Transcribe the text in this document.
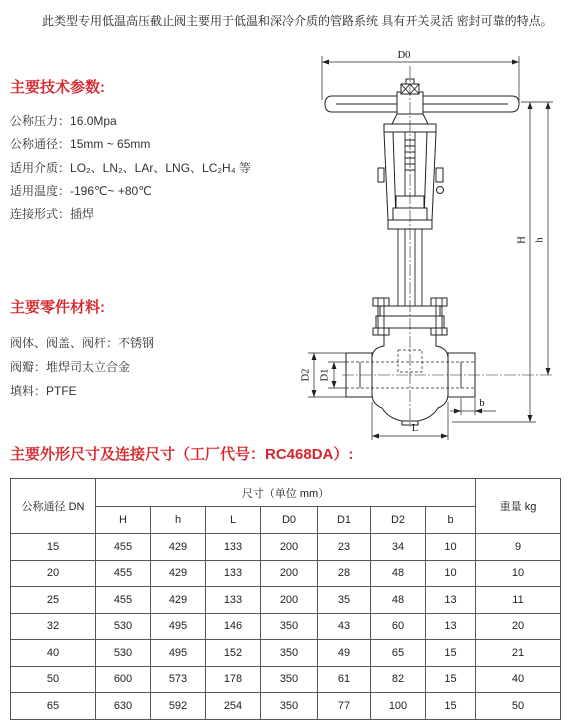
此类型专用低温高压截止阀主要用于低温和深冷介质的管路系统 具有开关灵活 密封可靠的特点。
主要技术参数:
公称压力：16.0Mpa
公称通径：15mm ~ 65mm
适用介质：LO₂、LN₂、LAr、LNG、LC₂H₄ 等
适用温度：-196℃~ +80℃
连接形式：插焊
主要零件材料:
阀体、阀盖、阀杆：不锈钢
阀瓣：堆焊司太立合金
填料：PTFE
D0
H h
D2 D1
L
b
主要外形尺寸及连接尺寸（工厂代号：RC468DA）:
公称通径 DN	尺寸（单位 mm）							重量 kg
	H	h	L	D0	D1	D2	b	
15	455	429	133	200	23	34	10	9
20	455	429	133	200	28	48	10	10
25	455	429	133	200	35	48	13	11
32	530	495	146	350	43	60	13	20
40	530	495	152	350	49	65	15	21
50	600	573	178	350	61	82	15	40
65	630	592	254	350	77	100	15	50
